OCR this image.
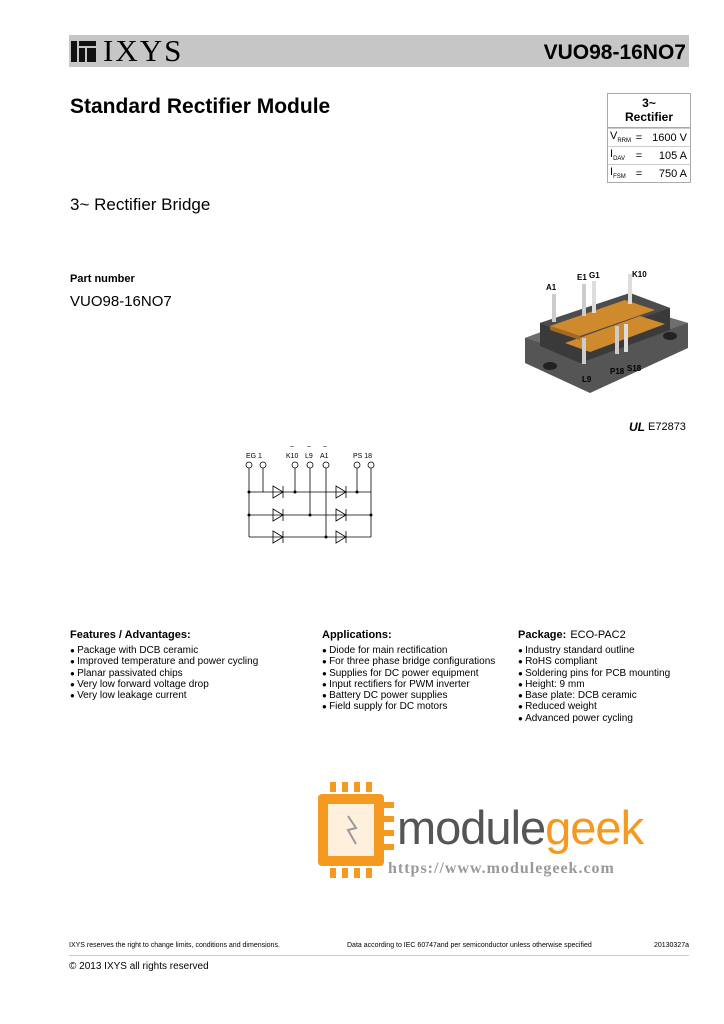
IXYS	VUO98-16NO7
Standard Rectifier Module
3~ Rectifier Bridge
Part number
VUO98-16NO7
3~
Rectifier
$V_{RRM} = 1600$ V
$I_{DAV}$ =	105 A
$I_{FSM}$ =	750 A
A1
E1 G1	K10
L9
P18 S18
UL E72873
EG 1	K10 L9 A1	PS 18
~ ~ ~
Features / Advantages:
● Package with DCB ceramic
● Improved temperature and power cycling
● Planar passivated chips
● Very low forward voltage drop
● Very low leakage current
Applications:
● Diode for main rectification
● For three phase bridge configurations
● Supplies for DC power equipment
● Input rectifiers for PWM inverter
● Battery DC power supplies
● Field supply for DC motors
Package: ECO-PAC2
● Industry standard outline
● RoHS compliant
● Soldering pins for PCB mounting
● Height: 9 mm
● Base plate: DCB ceramic
● Reduced weight
● Advanced power cycling
modulegeek
https://www.modulegeek.com
IXYS reserves the right to change limits, conditions and dimensions.	Data according to IEC 60747and per semiconductor unless otherwise specified	20130327a
© 2013 IXYS all rights reserved
